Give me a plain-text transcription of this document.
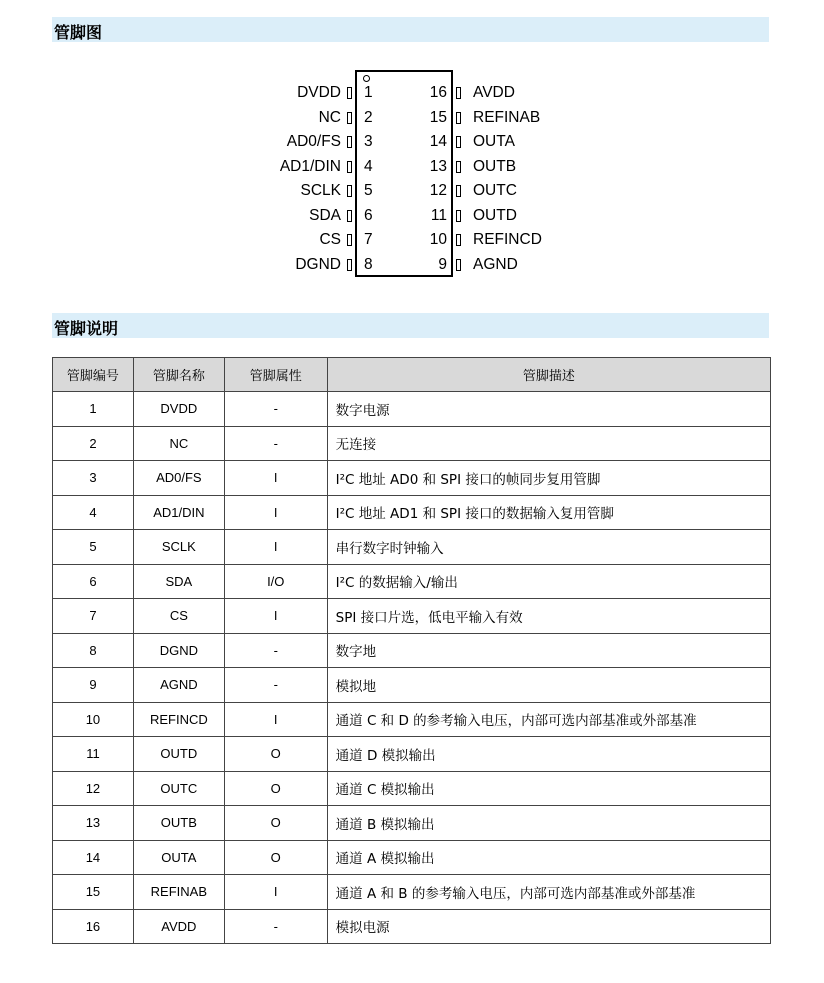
管脚图
DVDD 1
NC 2
AD0/FS 3
AD1/DIN 4
SCLK 5
SDA 6
CS 7
DGND 8
16 AVDD
15 REFINAB
14 OUTA
13 OUTB
12 OUTC
11 OUTD
10 REFINCD
9 AGND
管脚说明
管脚编号	管脚名称	管脚属性	管脚描述
1	DVDD	-	数字电源
2	NC	-	无连接
3	AD0/FS	I	I²C 地址 AD0 和 SPI 接口的帧同步复用管脚
4	AD1/DIN	I	I²C 地址 AD1 和 SPI 接口的数据输入复用管脚
5	SCLK	I	串行数字时钟输入
6	SDA	I/O	I²C 的数据输入/输出
7	CS	I	SPI 接口片选，低电平输入有效
8	DGND	-	数字地
9	AGND	-	模拟地
10	REFINCD	I	通道 C 和 D 的参考输入电压，内部可选内部基准或外部基准
11	OUTD	O	通道 D 模拟输出
12	OUTC	O	通道 C 模拟输出
13	OUTB	O	通道 B 模拟输出
14	OUTA	O	通道 A 模拟输出
15	REFINAB	I	通道 A 和 B 的参考输入电压，内部可选内部基准或外部基准
16	AVDD	-	模拟电源
